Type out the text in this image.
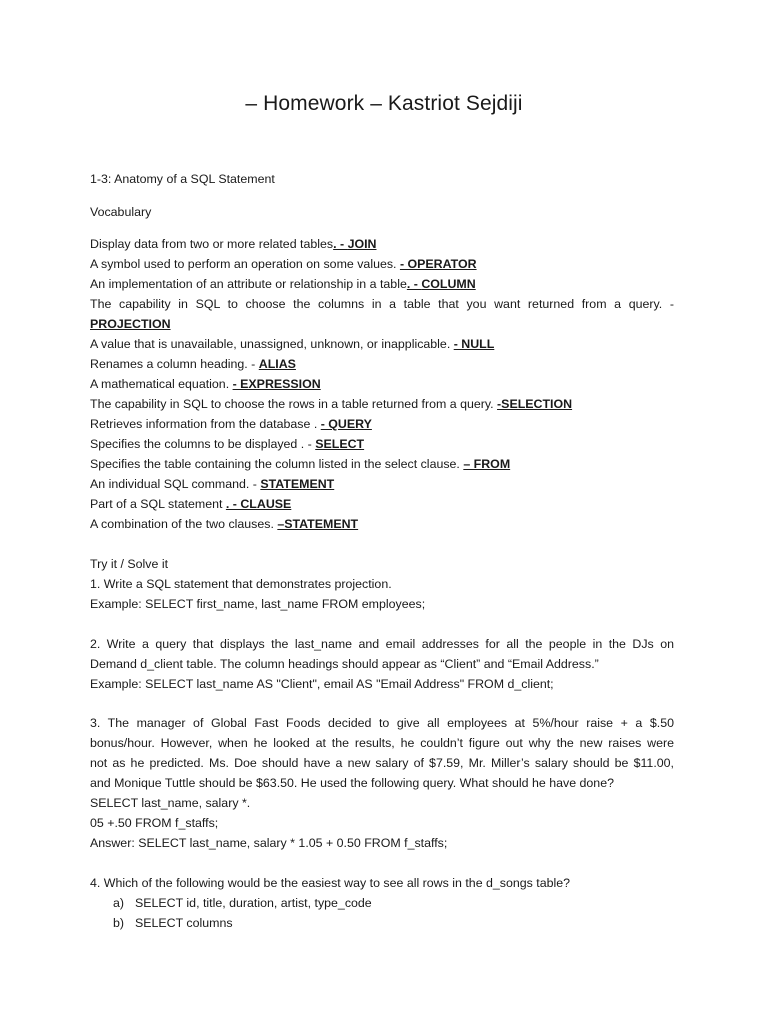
– Homework – Kastriot Sejdiji
1-3: Anatomy of a SQL Statement
Vocabulary
Display data from two or more related tables. - JOIN
A symbol used to perform an operation on some values. - OPERATOR
An implementation of an attribute or relationship in a table. - COLUMN
The capability in SQL to choose the columns in a table that you want returned from a query. -
PROJECTION
A value that is unavailable, unassigned, unknown, or inapplicable. - NULL
Renames a column heading. - ALIAS
A mathematical equation. - EXPRESSION
The capability in SQL to choose the rows in a table returned from a query. -SELECTION
Retrieves information from the database . - QUERY
Specifies the columns to be displayed . - SELECT
Specifies the table containing the column listed in the select clause. – FROM
An individual SQL command. - STATEMENT
Part of a SQL statement . - CLAUSE
A combination of the two clauses. –STATEMENT
Try it / Solve it
1. Write a SQL statement that demonstrates projection.
Example: SELECT first_name, last_name FROM employees;
2. Write a query that displays the last_name and email addresses for all the people in the DJs on
Demand d_client table. The column headings should appear as “Client” and “Email Address.”
Example: SELECT last_name AS "Client", email AS "Email Address" FROM d_client;
3. The manager of Global Fast Foods decided to give all employees at 5%/hour raise + a $.50
bonus/hour. However, when he looked at the results, he couldn’t figure out why the new raises were
not as he predicted. Ms. Doe should have a new salary of $7.59, Mr. Miller’s salary should be $11.00,
and Monique Tuttle should be $63.50. He used the following query. What should he have done?
SELECT last_name, salary *.
05 +.50 FROM f_staffs;
Answer: SELECT last_name, salary * 1.05 + 0.50 FROM f_staffs;
4. Which of the following would be the easiest way to see all rows in the d_songs table?
a) SELECT id, title, duration, artist, type_code
b) SELECT columns
